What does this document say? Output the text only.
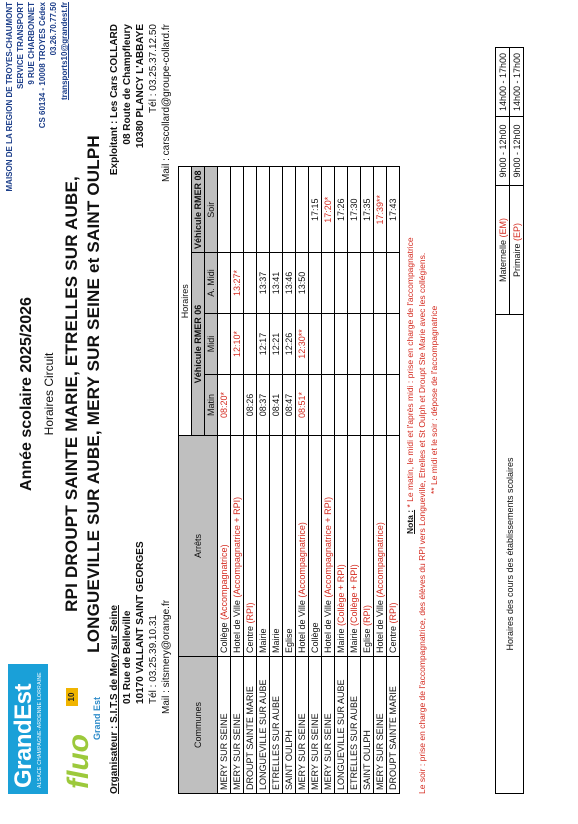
GrandEst ALSACE CHAMPAGNE-ARDENNE LORRAINE fluo
10 Grand Est
Année scolaire 2025/2026 Horaires Circuit RPI DROUPT SAINTE MARIE, ETRELLES SUR AUBE, LONGUEVILLE SUR AUBE, MERY SUR SEINE et SAINT OULPH
MAISON DE LA REGION DE TROYES-CHAUMONT SERVICE TRANSPORT 9 RUE CHARBONNET CS 60134 - 10008 TROYES Cédex 03.26.70.77.50 transports10@grandest.fr
Organisateur : S.I.T.S de Mery sur Seine 01 Rue de Belleville 10170 VALLANT SAINT GEORGES Tél : 03.25.39.10.31 Mail : sitsmery@orange.fr
Exploitant : Les Cars COLLARD 08 Route de Champfleury 10380 PLANCY L'ABBAYE Tél : 03.25.37.12.50 Mail : carscollard@groupe-collard.fr
Communes	Arrêts	Horaires			
		Véhicule RMER 06			Véhicule RMER 08
		Matin	Midi	A. Midi	Soir
MERY SUR SEINE	Collège (Accompagnatrice)	08:20*			
MERY SUR SEINE	Hotel de Ville (Accompagnatrice + RPI)		12:10*	13:27*	
DROUPT SAINTE MARIE	Centre (RPI)	08:26			
LONGUEVILLE SUR AUBE	Mairie	08:37	12:17	13:37	
ETRELLES SUR AUBE	Mairie	08:41	12:21	13:41	
SAINT OULPH	Eglise	08:47	12:26	13:46	
MERY SUR SEINE	Hotel de Ville (Accompagnatrice)	08:51*	12:30**	13:50	
MERY SUR SEINE	Collège				17:15
MERY SUR SEINE	Hotel de Ville (Accompagnatrice + RPI)				17:20*
LONGUEVILLE SUR AUBE	Mairie (Collège + RPI)				17:26
ETRELLES SUR AUBE	Mairie (Collège + RPI)				17:30
SAINT OULPH	Eglise (RPI)				17:35
MERY SUR SEINE	Hotel de Ville (Accompagnatrice)				17:39**
DROUPT SAINTE MARIE	Centre (RPI)				17:43
Nota : * Le matin, le midi et l'après midi : prise en charge de l'accompagnatrice Le soir : prise en charge de l'accompagnatrice, des élèves du RPI vers Longueville, Etrelles et St Oulph et Droupt Ste Marie avec les collégiens. ** Le midi et le soir : dépose de l'accompagnatrice
Horaires des cours des établissements scolaires	Maternelle (EM)	9h00 - 12h00	14h00 - 17h00
	Primaire (EP)	9h00 - 12h00	14h00 - 17h00
